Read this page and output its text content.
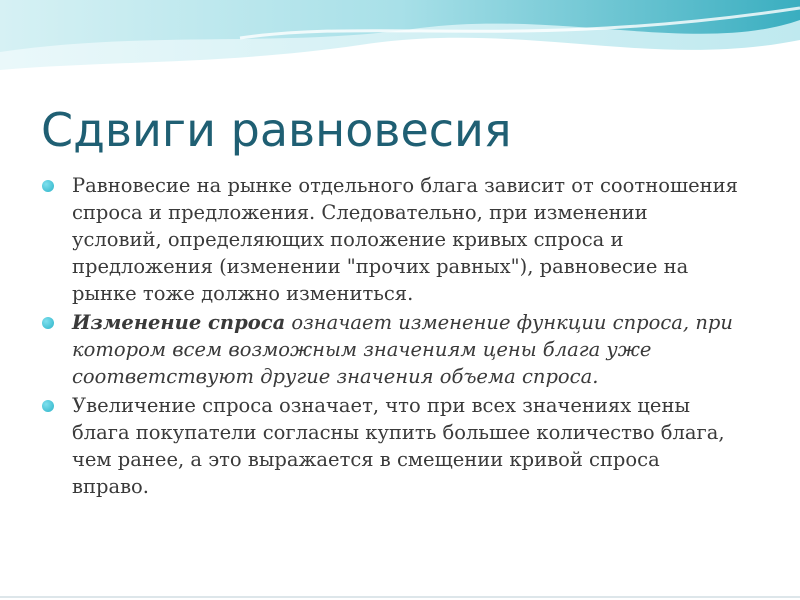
Сдвиги равновесия
Равновесие на рынке отдельного блага зависит от соотношения спроса и предложения. Следовательно, при изменении условий, определяющих положение кривых спроса и предложения (изменении "прочих равных"), равновесие на рынке тоже должно измениться.
Изменение спроса означает изменение функции спроса, при котором всем возможным значениям цены блага уже соответствуют другие значения объема спроса.
Увеличение спроса означает, что при всех значениях цены блага покупатели согласны купить большее количество блага, чем ранее, а это выражается в смещении кривой спроса вправо.
